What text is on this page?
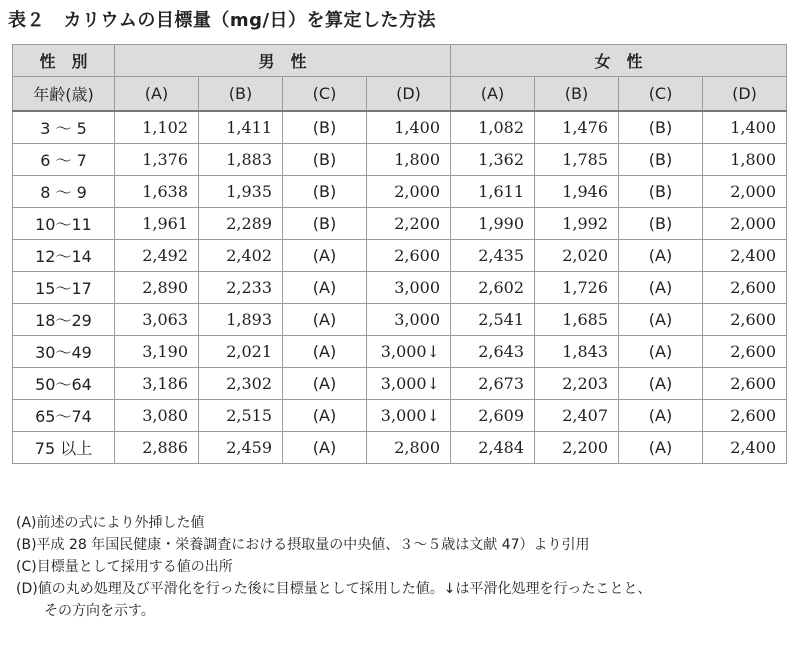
表２　カリウムの目標量（mg/日）を算定した方法
性　別	男　性				女　性			
年齢(歳)	(A)	(B)	(C)	(D)	(A)	(B)	(C)	(D)
3 ～ 5	1,102	1,411	(B)	1,400	1,082	1,476	(B)	1,400
6 ～ 7	1,376	1,883	(B)	1,800	1,362	1,785	(B)	1,800
8 ～ 9	1,638	1,935	(B)	2,000	1,611	1,946	(B)	2,000
10～11	1,961	2,289	(B)	2,200	1,990	1,992	(B)	2,000
12～14	2,492	2,402	(A)	2,600	2,435	2,020	(A)	2,400
15～17	2,890	2,233	(A)	3,000	2,602	1,726	(A)	2,600
18～29	3,063	1,893	(A)	3,000	2,541	1,685	(A)	2,600
30～49	3,190	2,021	(A)	3,000↓	2,643	1,843	(A)	2,600
50～64	3,186	2,302	(A)	3,000↓	2,673	2,203	(A)	2,600
65～74	3,080	2,515	(A)	3,000↓	2,609	2,407	(A)	2,600
75 以上	2,886	2,459	(A)	2,800	2,484	2,200	(A)	2,400
(A) 前述の式により外挿した値
(B) 平成 28 年国民健康・栄養調査における摂取量の中央値、３～５歳は文献 47）より引用
(C) 目標量として採用する値の出所
(D) 値の丸め処理及び平滑化を行った後に目標量として採用した値。↓は平滑化処理を行ったことと、
その方向を示す。
